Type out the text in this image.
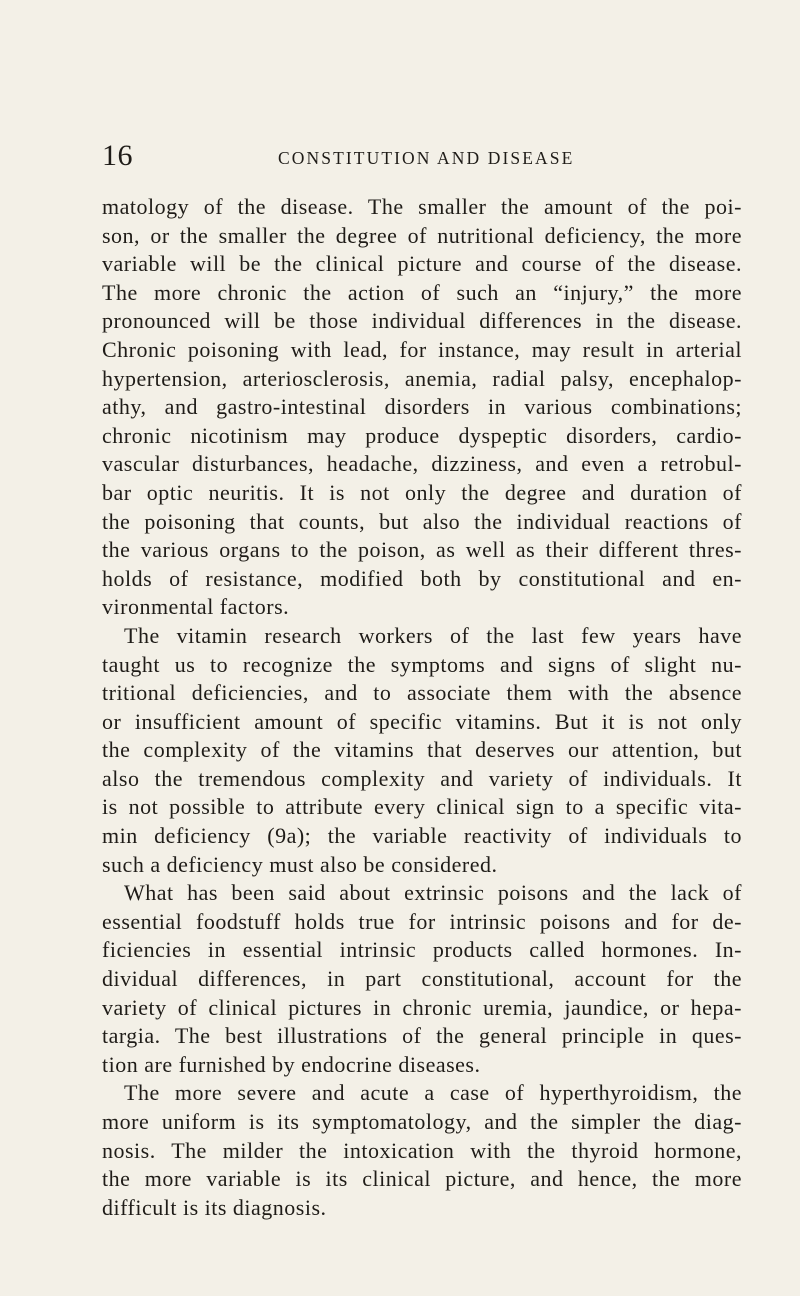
16	CONSTITUTION AND DISEASE
matology of the disease. The smaller the amount of the poi-
son, or the smaller the degree of nutritional deficiency, the more
variable will be the clinical picture and course of the disease.
The more chronic the action of such an “injury,” the more
pronounced will be those individual differences in the disease.
Chronic poisoning with lead, for instance, may result in arterial
hypertension, arteriosclerosis, anemia, radial palsy, encephalop-
athy, and gastro-intestinal disorders in various combinations;
chronic nicotinism may produce dyspeptic disorders, cardio-
vascular disturbances, headache, dizziness, and even a retrobul-
bar optic neuritis. It is not only the degree and duration of
the poisoning that counts, but also the individual reactions of
the various organs to the poison, as well as their different thres-
holds of resistance, modified both by constitutional and en-
vironmental factors.
The vitamin research workers of the last few years have
taught us to recognize the symptoms and signs of slight nu-
tritional deficiencies, and to associate them with the absence
or insufficient amount of specific vitamins. But it is not only
the complexity of the vitamins that deserves our attention, but
also the tremendous complexity and variety of individuals. It
is not possible to attribute every clinical sign to a specific vita-
min deficiency (9a); the variable reactivity of individuals to
such a deficiency must also be considered.
What has been said about extrinsic poisons and the lack of
essential foodstuff holds true for intrinsic poisons and for de-
ficiencies in essential intrinsic products called hormones. In-
dividual differences, in part constitutional, account for the
variety of clinical pictures in chronic uremia, jaundice, or hepa-
targia. The best illustrations of the general principle in ques-
tion are furnished by endocrine diseases.
The more severe and acute a case of hyperthyroidism, the
more uniform is its symptomatology, and the simpler the diag-
nosis. The milder the intoxication with the thyroid hormone,
the more variable is its clinical picture, and hence, the more
difficult is its diagnosis.
